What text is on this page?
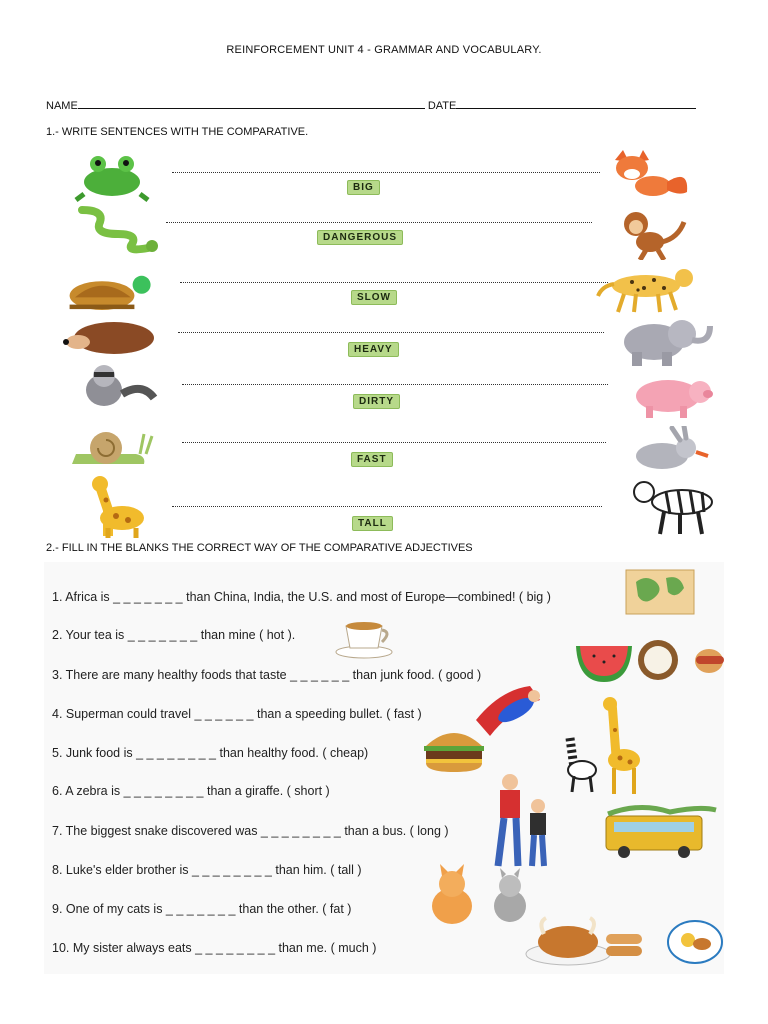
REINFORCEMENT UNIT 4 - GRAMMAR AND VOCABULARY.
NAME	DATE
1.- WRITE SENTENCES WITH THE COMPARATIVE.
BIG
DANGEROUS
SLOW
HEAVY
DIRTY
FAST
TALL
2.- FILL IN THE BLANKS THE CORRECT WAY OF THE COMPARATIVE ADJECTIVES
1. Africa is _ _ _ _ _ _ _ than China, India, the U.S. and most of Europe—combined! ( big )
2. Your tea is _ _ _ _ _ _ _ than mine ( hot ).
3. There are many healthy foods that taste _ _ _ _ _ _ than junk food. ( good )
4. Superman could travel _ _ _ _ _ _ than a speeding bullet. ( fast )
5. Junk food is _ _ _ _ _ _ _ _ than healthy food. ( cheap)
6. A zebra is _ _ _ _ _ _ _ _ than a giraffe. ( short )
7. The biggest snake discovered was _ _ _ _ _ _ _ _ than a bus. ( long )
8. Luke's elder brother is _ _ _ _ _ _ _ _ than him. ( tall )
9. One of my cats is _ _ _ _ _ _ _ than the other. ( fat )
10. My sister always eats _ _ _ _ _ _ _ _ than me. ( much )
